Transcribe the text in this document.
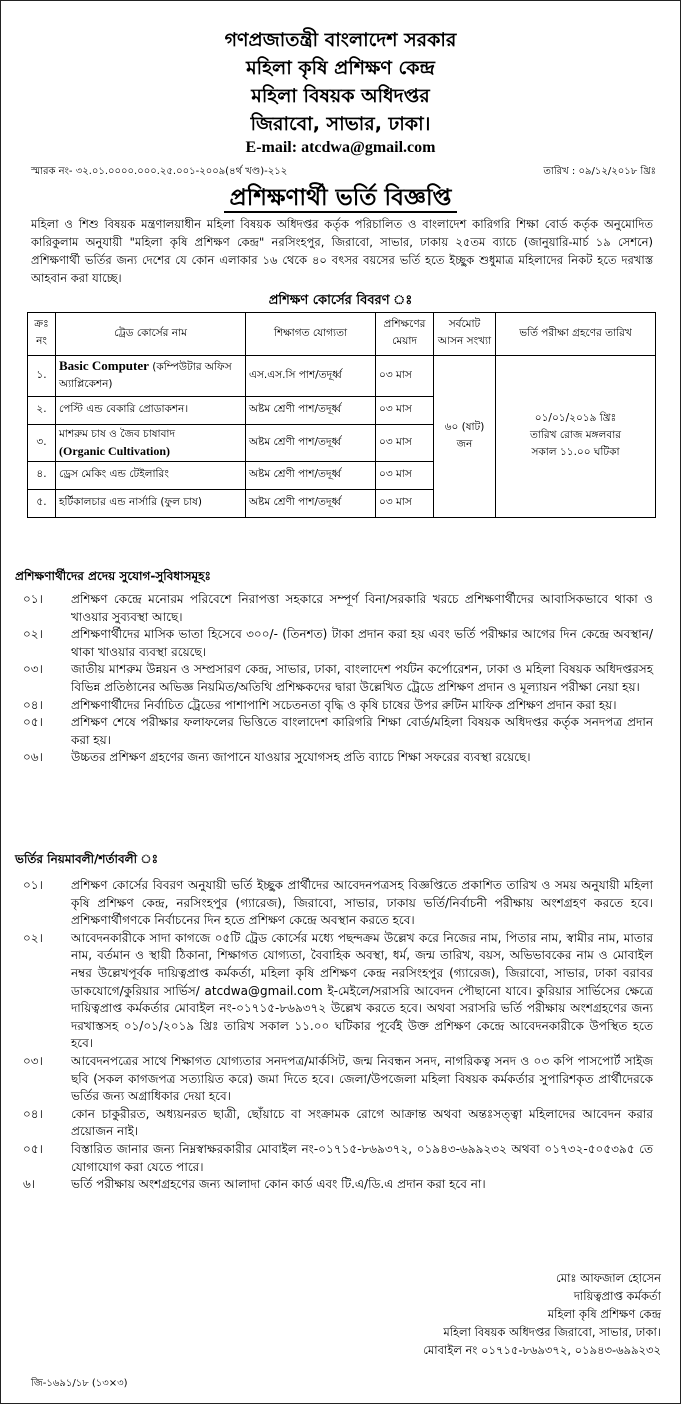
গণপ্রজাতন্ত্রী বাংলাদেশ সরকার
মহিলা কৃষি প্রশিক্ষণ কেন্দ্র
মহিলা বিষয়ক অধিদপ্তর
জিরাবো, সাভার, ঢাকা।
E-mail: atcdwa@gmail.com
স্মারক নং- ৩২.০১.০০০০.০০০.২৫.০০১-২০০৯(৪র্থ খণ্ড)-২১২	তারিখ : ০৯/১২/২০১৮ খ্রিঃ
প্রশিক্ষণার্থী ভর্তি বিজ্ঞপ্তি
মহিলা ও শিশু বিষয়ক মন্ত্রণালয়াধীন মহিলা বিষয়ক অধিদপ্তর কর্তৃক পরিচালিত ও বাংলাদেশ কারিগরি শিক্ষা বোর্ড কর্তৃক অনুমোদিত কারিকুলাম অনুযায়ী "মহিলা কৃষি প্রশিক্ষণ কেন্দ্র" নরসিংহপুর, জিরাবো, সাভার, ঢাকায় ২৫তম ব্যাচে (জানুয়ারি-মার্চ ১৯ সেশনে) প্রশিক্ষণার্থী ভর্তির জন্য দেশের যে কোন এলাকার ১৬ থেকে ৪০ বৎসর বয়সের ভর্তি হতে ইচ্ছুক শুধুমাত্র মহিলাদের নিকট হতে দরখাস্ত আহবান করা যাচ্ছে।
প্রশিক্ষণ কোর্সের বিবরণ ঃ
ক্রঃ নং	ট্রেড কোর্সের নাম	শিক্ষাগত যোগ্যতা	প্রশিক্ষণের মেয়াদ	সর্বমোট আসন সংখ্যা	ভর্তি পরীক্ষা গ্রহণের তারিখ
১.	Basic Computer (কম্পিউটার অফিস অ্যাপ্লিকেশন)	এস.এস.সি পাশ/তদূর্ধ্ব	০৩ মাস	৬০ (ষাট) জন	০১/০১/২০১৯ খ্রিঃ
তারিখ রোজ মঙ্গলবার
সকাল ১১.০০ ঘটিকা

২.	পেস্টি এন্ড বেকারি প্রোডাকশন।	অষ্টম শ্রেণী পাশ/তদূর্ধ্ব	০৩ মাস		
৩.	মাশরুম চাষ ও জৈব চাষাবাদ
(Organic Cultivation)	অষ্টম শ্রেণী পাশ/তদূর্ধ্ব	০৩ মাস		
৪.	ড্রেস মেকিং এন্ড টেইলারিং	অষ্টম শ্রেণী পাশ/তদূর্ধ্ব	০৩ মাস		
৫.	হর্টিকালচার এন্ড নার্সারি (ফুল চাষ)	অষ্টম শ্রেণী পাশ/তদূর্ধ্ব	০৩ মাস		
প্রশিক্ষণার্থীদের প্রদেয় সুযোগ-সুবিধাসমূহঃ
০১।	প্রশিক্ষণ কেন্দ্রে মনোরম পরিবেশে নিরাপত্তা সহকারে সম্পূর্ণ বিনা/সরকারি খরচে প্রশিক্ষণার্থীদের আবাসিকভাবে থাকা ও খাওয়ার সুব্যবস্থা আছে।
০২।	প্রশিক্ষণার্থীদের মাসিক ভাতা হিসেবে ৩০০/- (তিনশত) টাকা প্রদান করা হয় এবং ভর্তি পরীক্ষার আগের দিন কেন্দ্রে অবস্থান/থাকা খাওয়ার ব্যবস্থা রয়েছে।
০৩।	জাতীয় মাশরুম উন্নয়ন ও সম্প্রসারণ কেন্দ্র, সাভার, ঢাকা, বাংলাদেশ পর্যটন কর্পোরেশন, ঢাকা ও মহিলা বিষয়ক অধিদপ্তরসহ বিভিন্ন প্রতিষ্ঠানের অভিজ্ঞ নিয়মিত/অতিথি প্রশিক্ষকদের দ্বারা উল্লেখিত ট্রেডে প্রশিক্ষণ প্রদান ও মূল্যায়ন পরীক্ষা নেয়া হয়।
০৪।	প্রশিক্ষণার্থীদের নির্বাচিত ট্রেডের পাশাপাশি সচেতনতা বৃদ্ধি ও কৃষি চাষের উপর রুটিন মাফিক প্রশিক্ষণ প্রদান করা হয়।
০৫।	প্রশিক্ষণ শেষে পরীক্ষার ফলাফলের ভিত্তিতে বাংলাদেশ কারিগরি শিক্ষা বোর্ড/মহিলা বিষয়ক অধিদপ্তর কর্তৃক সনদপত্র প্রদান করা হয়।
০৬।	উচ্চতর প্রশিক্ষণ গ্রহণের জন্য জাপানে যাওয়ার সুযোগসহ প্রতি ব্যাচে শিক্ষা সফরের ব্যবস্থা রয়েছে।
ভর্তির নিয়মাবলী/শর্তাবলী ঃ
০১।	প্রশিক্ষণ কোর্সের বিবরণ অনুযায়ী ভর্তি ইচ্ছুক প্রার্থীদের আবেদনপত্রসহ বিজ্ঞপ্তিতে প্রকাশিত তারিখ ও সময় অনুযায়ী মহিলা কৃষি প্রশিক্ষণ কেন্দ্র, নরসিংহপুর (গ্যারেজ), জিরাবো, সাভার, ঢাকায় ভর্তি/নির্বাচনী পরীক্ষায় অংশগ্রহণ করতে হবে। প্রশিক্ষণার্থীগণকে নির্বাচনের দিন হতে প্রশিক্ষণ কেন্দ্রে অবস্থান করতে হবে।
০২।	আবেদনকারীকে সাদা কাগজে ০৫টি ট্রেড কোর্সের মধ্যে পছন্দক্রম উল্লেখ করে নিজের নাম, পিতার নাম, স্বামীর নাম, মাতার নাম, বর্তমান ও স্থায়ী ঠিকানা, শিক্ষাগত যোগ্যতা, বৈবাহিক অবস্থা, ধর্ম, জন্ম তারিখ, বয়স, অভিভাবকের নাম ও মোবাইল নম্বর উল্লেখপূর্বক দায়িত্বপ্রাপ্ত কর্মকর্তা, মহিলা কৃষি প্রশিক্ষণ কেন্দ্র নরসিংহপুর (গ্যারেজ), জিরাবো, সাভার, ঢাকা বরাবর ডাকযোগে/কুরিয়ার সার্ভিস/ atcdwa@gmail.com ই-মেইলে/সরাসরি আবেদন পৌছানো যাবে। কুরিয়ার সার্ভিসের ক্ষেত্রে দায়িত্বপ্রাপ্ত কর্মকর্তার মোবাইল নং-০১৭১৫-৮৬৯৩৭২ উল্লেখ করতে হবে। অথবা সরাসরি ভর্তি পরীক্ষায় অংশগ্রহণের জন্য দরখাস্তসহ ০১/০১/২০১৯ খ্রিঃ তারিখ সকাল ১১.০০ ঘটিকার পূর্বেই উক্ত প্রশিক্ষণ কেন্দ্রে আবেদনকারীকে উপস্থিত হতে হবে।
০৩।	আবেদনপত্রের সাথে শিক্ষাগত যোগ্যতার সনদপত্র/মার্কসিট, জন্ম নিবন্ধন সনদ, নাগরিকত্ব সনদ ও ০৩ কপি পাসপোর্ট সাইজ ছবি (সকল কাগজপত্র সত্যায়িত করে) জমা দিতে হবে। জেলা/উপজেলা মহিলা বিষয়ক কর্মকর্তার সুপারিশকৃত প্রার্থীদেরকে ভর্তির জন্য অগ্রাধিকার দেয়া হবে।
০৪।	কোন চাকুরীরত, অধ্যয়নরত ছাত্রী, ছোঁয়াচে বা সংক্রামক রোগে আক্রান্ত অথবা অন্তঃসত্ত্বা মহিলাদের আবেদন করার প্রয়োজন নাই।
০৫।	বিস্তারিত জানার জন্য নিম্নস্বাক্ষরকারীর মোবাইল নং-০১৭১৫-৮৬৯৩৭২, ০১৯৪৩-৬৯৯২৩২ অথবা ০১৭৩২-৫০৫৩৯৫ তে যোগাযোগ করা যেতে পারে।
৬।	ভর্তি পরীক্ষায় অংশগ্রহণের জন্য আলাদা কোন কার্ড এবং টি.এ/ডি.এ প্রদান করা হবে না।
মোঃ আফজাল হোসেন
দায়িত্বপ্রাপ্ত কর্মকর্তা
মহিলা কৃষি প্রশিক্ষণ কেন্দ্র
মহিলা বিষয়ক অধিদপ্তর জিরাবো, সাভার, ঢাকা।
মোবাইল নং ০১৭১৫-৮৬৯৩৭২, ০১৯৪৩-৬৯৯২৩২
জি-১৬৯১/১৮ (১৩×৩)
